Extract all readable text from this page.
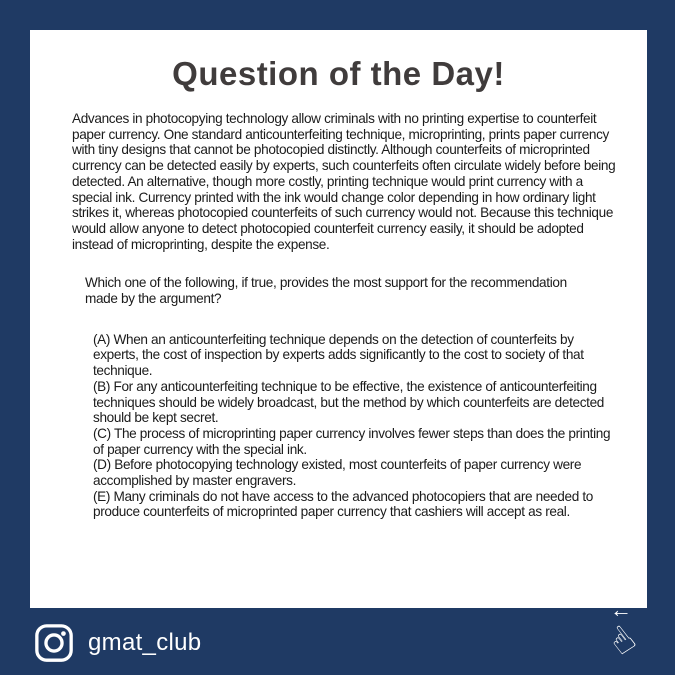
Question of the Day!

Advances in photocopying technology allow criminals with no printing expertise to counterfeit paper currency. One standard anticounterfeiting technique, microprinting, prints paper currency with tiny designs that cannot be photocopied distinctly. Although counterfeits of microprinted currency can be detected easily by experts, such counterfeits often circulate widely before being detected. An alternative, though more costly, printing technique would print currency with a special ink. Currency printed with the ink would change color depending in how ordinary light strikes it, whereas photocopied counterfeits of such currency would not. Because this technique would allow anyone to detect photocopied counterfeit currency easily, it should be adopted instead of microprinting, despite the expense.

Which one of the following, if true, provides the most support for the recommendation made by the argument?

(A) When an anticounterfeiting technique depends on the detection of counterfeits by experts, the cost of inspection by experts adds significantly to the cost to society of that technique.

(B) For any anticounterfeiting technique to be effective, the existence of anticounterfeiting techniques should be widely broadcast, but the method by which counterfeits are detected should be kept secret.

(C) The process of microprinting paper currency involves fewer steps than does the printing of paper currency with the special ink.

(D) Before photocopying technology existed, most counterfeits of paper currency were accomplished by master engravers.

(E) Many criminals do not have access to the advanced photocopiers that are needed to produce counterfeits of microprinted paper currency that cashiers will accept as real.

gmat_club
←
☝
